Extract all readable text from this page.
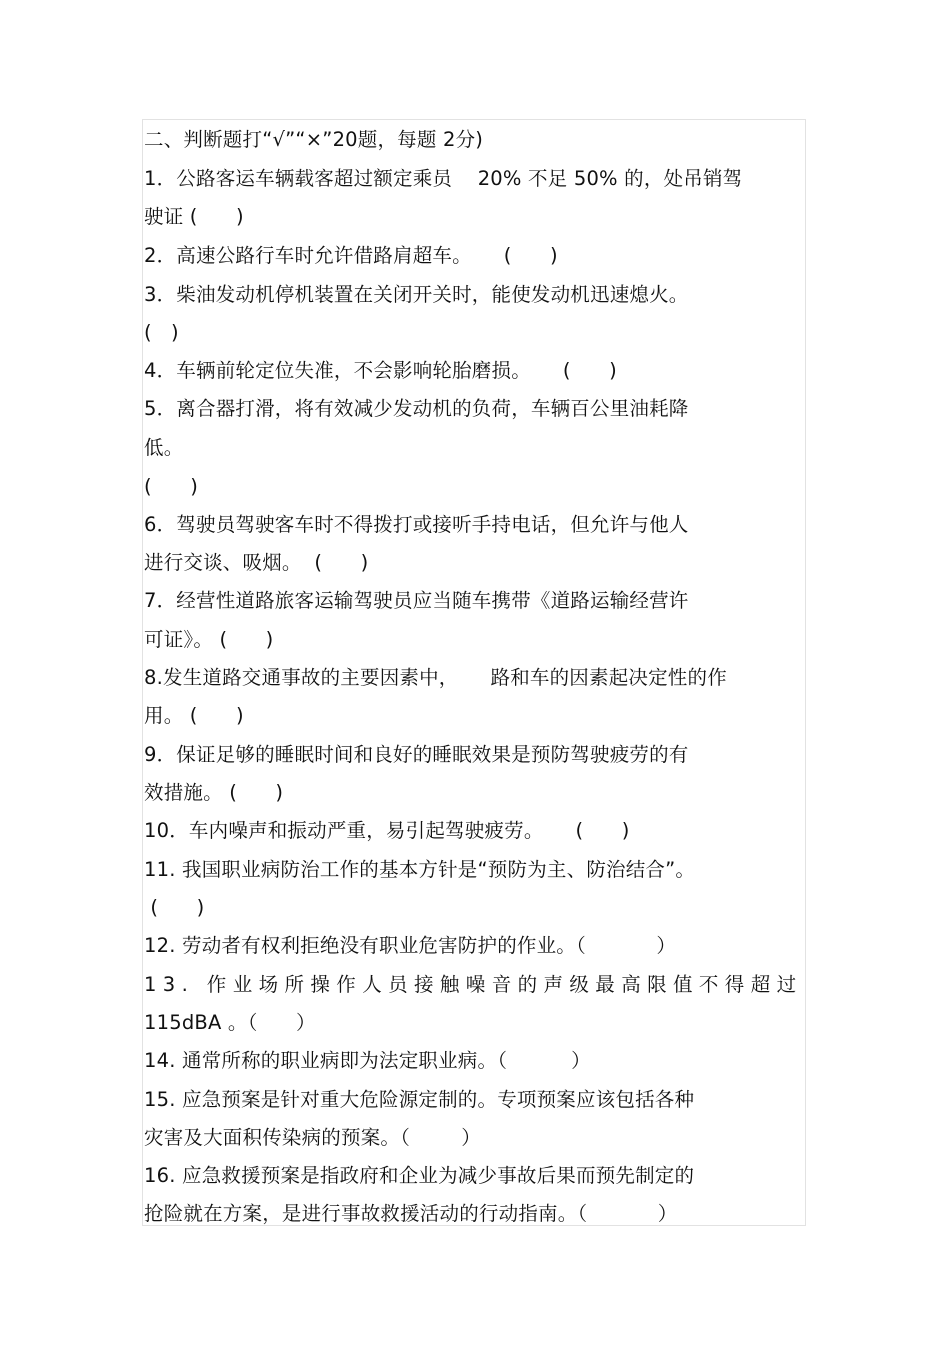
二、判断题打“√”“×”20题，每题 2分)
1．公路客运车辆载客超过额定乘员    20% 不足 50% 的，处吊销驾
驶证 (      )
2．高速公路行车时允许借路肩超车。     (      )
3．柴油发动机停机装置在关闭开关时，能使发动机迅速熄火。
(   )
4．车辆前轮定位失准，不会影响轮胎磨损。     (      )
5．离合器打滑，将有效减少发动机的负荷，车辆百公里油耗降
低。
(      )
6．驾驶员驾驶客车时不得拨打或接听手持电话，但允许与他人
进行交谈、吸烟。  (      )
7．经营性道路旅客运输驾驶员应当随车携带《道路运输经营许
可证》。 (      )
8.发生道路交通事故的主要因素中，     路和车的因素起决定性的作
用。 (      )
9．保证足够的睡眠时间和良好的睡眠效果是预防驾驶疲劳的有
效措施。 (      )
10．车内噪声和振动严重，易引起驾驶疲劳。     (      )
11. 我国职业病防治工作的基本方针是“预防为主、防治结合”。
(      )
12. 劳动者有权利拒绝没有职业危害防护的作业。（           ）
13. 作业场所操作人员接触噪音的声级最高限值不得超过
115dBA 。（      ）
14. 通常所称的职业病即为法定职业病。（          ）
15. 应急预案是针对重大危险源定制的。专项预案应该包括各种
灾害及大面积传染病的预案。（        ）
16. 应急救援预案是指政府和企业为减少事故后果而预先制定的
抢险就在方案，是进行事故救援活动的行动指南。（           ）
